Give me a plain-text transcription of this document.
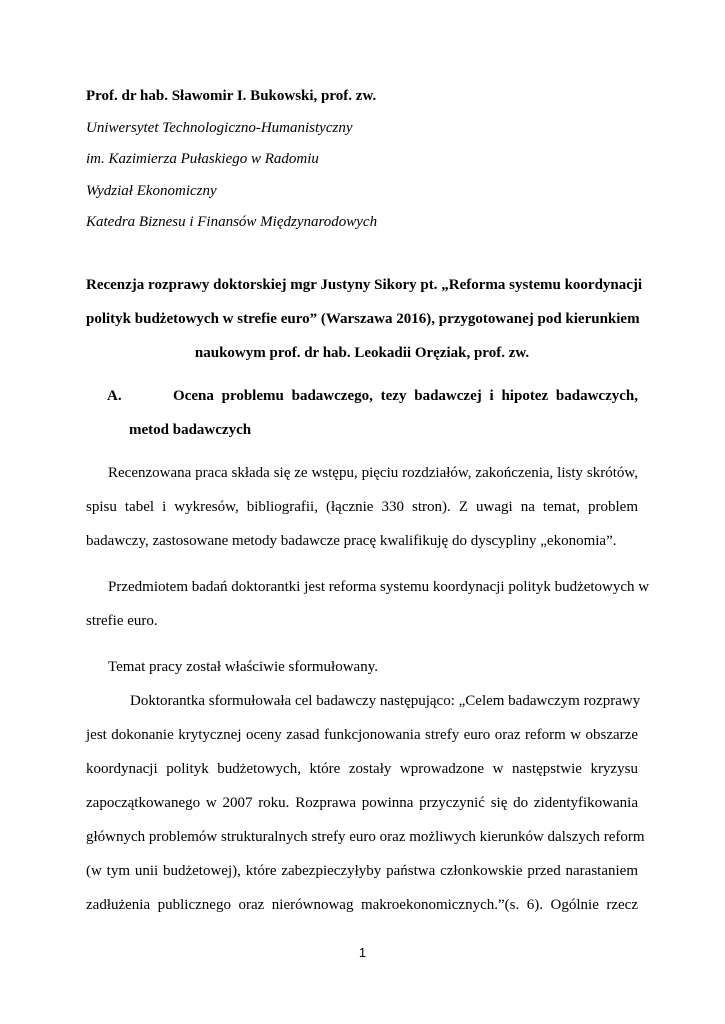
Prof. dr hab. Sławomir I. Bukowski, prof. zw.

Uniwersytet Technologiczno-Humanistyczny

im. Kazimierza Pułaskiego w Radomiu

Wydział Ekonomiczny

Katedra Biznesu i Finansów Międzynarodowych

Recenzja rozprawy doktorskiej mgr Justyny Sikory pt. „Reforma systemu koordynacji

polityk budżetowych w strefie euro” (Warszawa 2016), przygotowanej pod kierunkiem

naukowym prof. dr hab. Leokadii Oręziak, prof. zw.

A.	Ocena problemu badawczego, tezy badawczej i hipotez badawczych,

metod badawczych

Recenzowana praca składa się ze wstępu, pięciu rozdziałów, zakończenia, listy skrótów,

spisu tabel i wykresów, bibliografii, (łącznie 330 stron). Z uwagi na temat, problem

badawczy, zastosowane metody badawcze pracę kwalifikuję do dyscypliny „ekonomia”.

Przedmiotem badań doktorantki jest reforma systemu koordynacji polityk budżetowych w

strefie euro.

Temat pracy został właściwie sformułowany.

Doktorantka sformułowała cel badawczy następująco: „Celem badawczym rozprawy

jest dokonanie krytycznej oceny zasad funkcjonowania strefy euro oraz reform w obszarze

koordynacji polityk budżetowych, które zostały wprowadzone w następstwie kryzysu

zapoczątkowanego w 2007 roku. Rozprawa powinna przyczynić się do zidentyfikowania

głównych problemów strukturalnych strefy euro oraz możliwych kierunków dalszych reform

(w tym unii budżetowej), które zabezpieczyłyby państwa członkowskie przed narastaniem

zadłużenia publicznego oraz nierównowag makroekonomicznych.”(s. 6). Ogólnie rzecz

1
